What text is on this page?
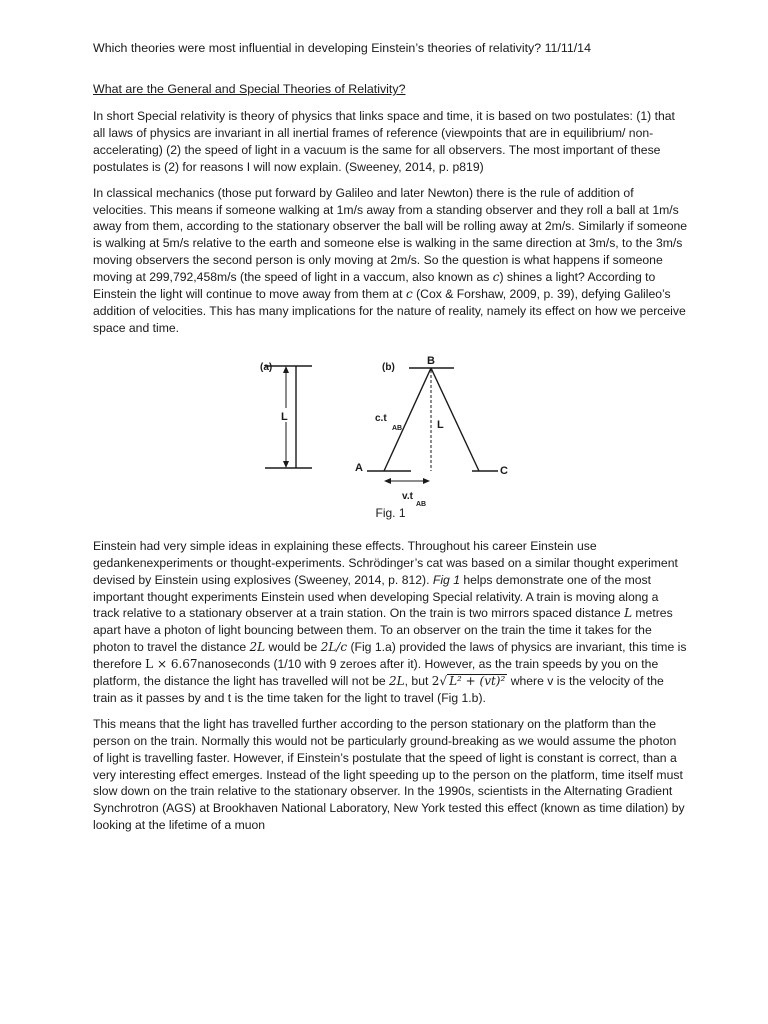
Which theories were most influential in developing Einstein’s theories of relativity? 11/11/14
What are the General and Special Theories of Relativity?

In short Special relativity is theory of physics that links space and time, it is based on two postulates: (1) that all laws of physics are invariant in all inertial frames of reference (viewpoints that are in equilibrium/ non-accelerating) (2) the speed of light in a vacuum is the same for all observers. The most important of these postulates is (2) for reasons I will now explain. (Sweeney, 2014, p. p819)

In classical mechanics (those put forward by Galileo and later Newton) there is the rule of addition of velocities. This means if someone walking at 1m/s away from a standing observer and they roll a ball at 1m/s away from them, according to the stationary observer the ball will be rolling away at 2m/s. Similarly if someone is walking at 5m/s relative to the earth and someone else is walking in the same direction at 3m/s, to the 3m/s moving observers the second person is only moving at 2m/s. So the question is what happens if someone moving at 299,792,458m/s (the speed of light in a vaccum, also known as c) shines a light? According to Einstein the light will continue to move away from them at c (Cox & Forshaw, 2009, p. 39), defying Galileo’s addition of velocities. This has many implications for the nature of reality, namely its effect on how we perceive space and time.

(a)
L
(b)
B
A	C
L
c.t
AB
v.t
AB
Fig. 1

Einstein had very simple ideas in explaining these effects. Throughout his career Einstein use gedankenexperiments or thought-experiments. Schrödinger’s cat was based on a similar thought experiment devised by Einstein using explosives (Sweeney, 2014, p. 812). Fig 1 helps demonstrate one of the most important thought experiments Einstein used when developing Special relativity. A train is moving along a track relative to a stationary observer at a train station. On the train is two mirrors spaced distance L metres apart have a photon of light bouncing between them. To an observer on the train the time it takes for the photon to travel the distance 2L would be 2L/c (Fig 1.a) provided the laws of physics are invariant, this time is therefore L × 6.67nanoseconds (1/10 with 9 zeroes after it). However, as the train speeds by you on the platform, the distance the light has travelled will not be 2L, but 2√ L² + (vt)² where v is the velocity of the train as it passes by and t is the time taken for the light to travel (Fig 1.b).

This means that the light has travelled further according to the person stationary on the platform than the person on the train. Normally this would not be particularly ground-breaking as we would assume the photon of light is travelling faster. However, if Einstein’s postulate that the speed of light is constant is correct, than a very interesting effect emerges. Instead of the light speeding up to the person on the platform, time itself must slow down on the train relative to the stationary observer. In the 1990s, scientists in the Alternating Gradient Synchrotron (AGS) at Brookhaven National Laboratory, New York tested this effect (known as time dilation) by looking at the lifetime of a muon
